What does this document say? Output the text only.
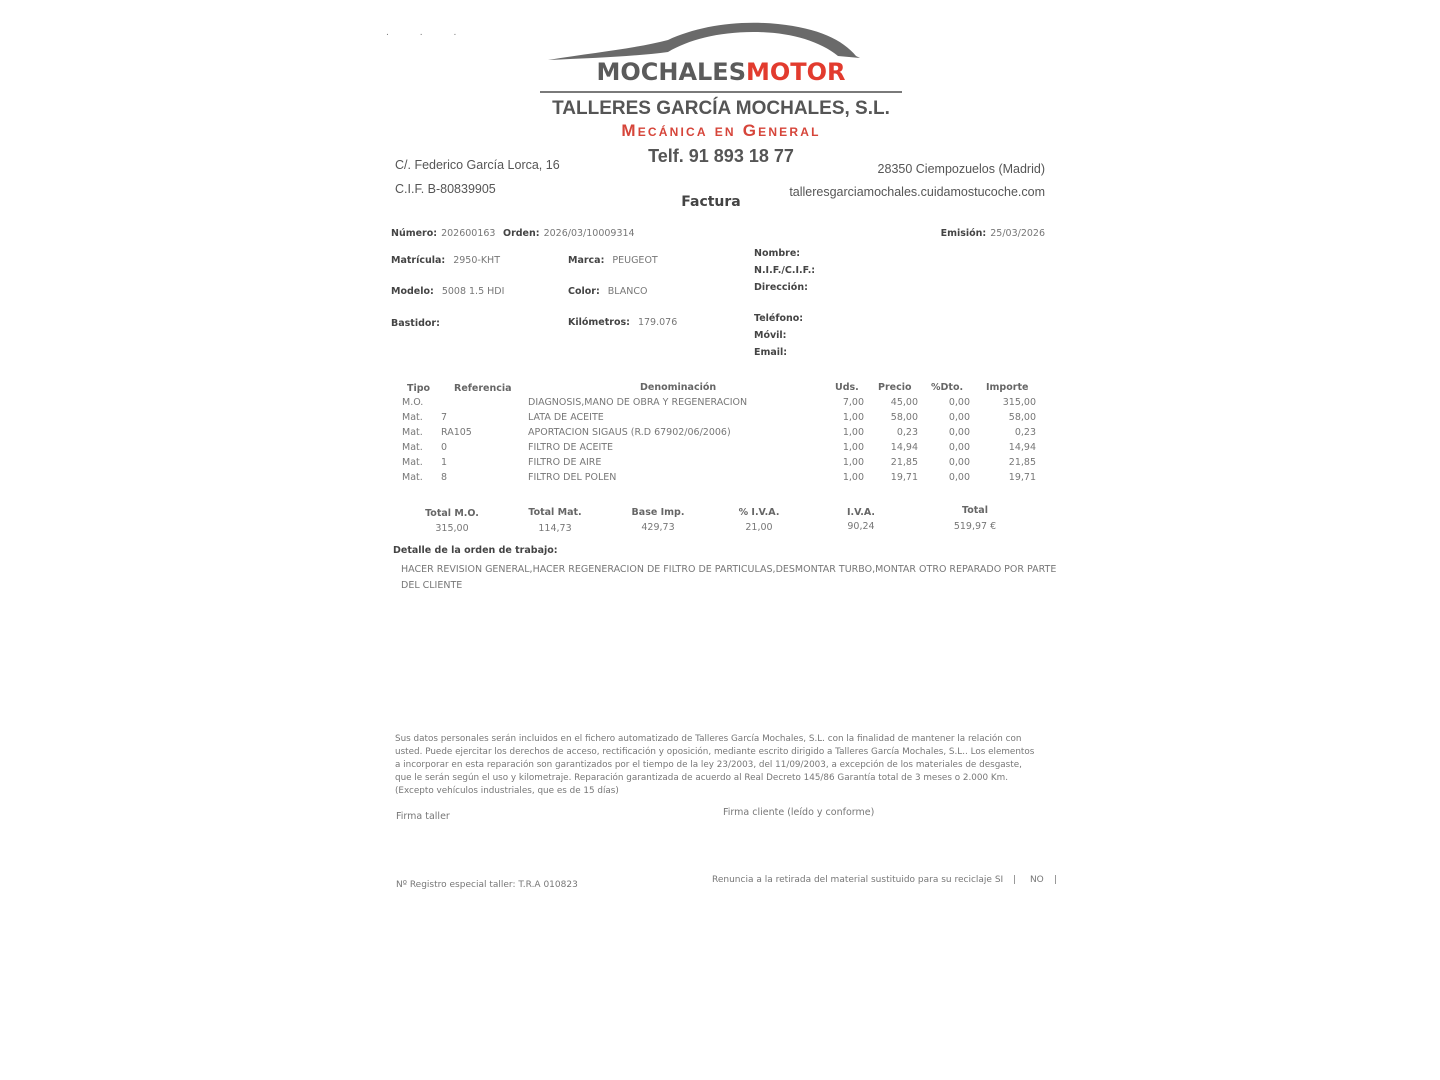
. . .
MOCHALESMOTOR
TALLERES GARCÍA MOCHALES, S.L.
Mecánica en General
Telf. 91 893 18 77
C/. Federico García Lorca, 16
C.I.F. B-80839905
28350 Ciempozuelos (Madrid)
talleresgarciamochales.cuidamostucoche.com
Factura
Número: 202600163 Orden: 2026/03/10009314	Emisión: 25/03/2026
Matrícula: 2950-KHT	Marca: PEUGEOT
Modelo: 5008 1.5 HDI	Color: BLANCO
Bastidor:	Kilómetros: 179.076
Nombre:
N.I.F./C.I.F.:
Dirección:
Teléfono:
Móvil:
Email:
Tipo	Referencia	Denominación	Uds. Precio %Dto. Importe
M.O.	DIAGNOSIS,MANO DE OBRA Y REGENERACION	7,00	45,00	0,00	315,00
Mat. 7	LATA DE ACEITE	1,00	58,00	0,00	58,00
Mat. RA105	APORTACION SIGAUS (R.D 67902/06/2006)	1,00	0,23	0,00	0,23
Mat. 0	FILTRO DE ACEITE	1,00	14,94	0,00	14,94
Mat. 1	FILTRO DE AIRE	1,00	21,85	0,00	21,85
Mat. 8	FILTRO DEL POLEN	1,00	19,71	0,00	19,71
Total M.O.
315,00
Total Mat.
114,73
Base Imp.
429,73
% I.V.A.
21,00
I.V.A.
90,24
Total
519,97 €
Detalle de la orden de trabajo:
HACER REVISION GENERAL,HACER REGENERACION DE FILTRO DE PARTICULAS,DESMONTAR TURBO,MONTAR OTRO REPARADO POR PARTE
DEL CLIENTE
Sus datos personales serán incluidos en el fichero automatizado de Talleres García Mochales, S.L. con la finalidad de mantener la relación con
usted. Puede ejercitar los derechos de acceso, rectificación y oposición, mediante escrito dirigido a Talleres García Mochales, S.L.. Los elementos
a incorporar en esta reparación son garantizados por el tiempo de la ley 23/2003, del 11/09/2003, a excepción de los materiales de desgaste,
que le serán según el uso y kilometraje. Reparación garantizada de acuerdo al Real Decreto 145/86 Garantía total de 3 meses o 2.000 Km.
(Excepto vehículos industriales, que es de 15 días)
Firma taller	Firma cliente (leído y conforme)
Nº Registro especial taller: T.R.A 010823	Renuncia a la retirada del material sustituido para su reciclaje SI	NO
